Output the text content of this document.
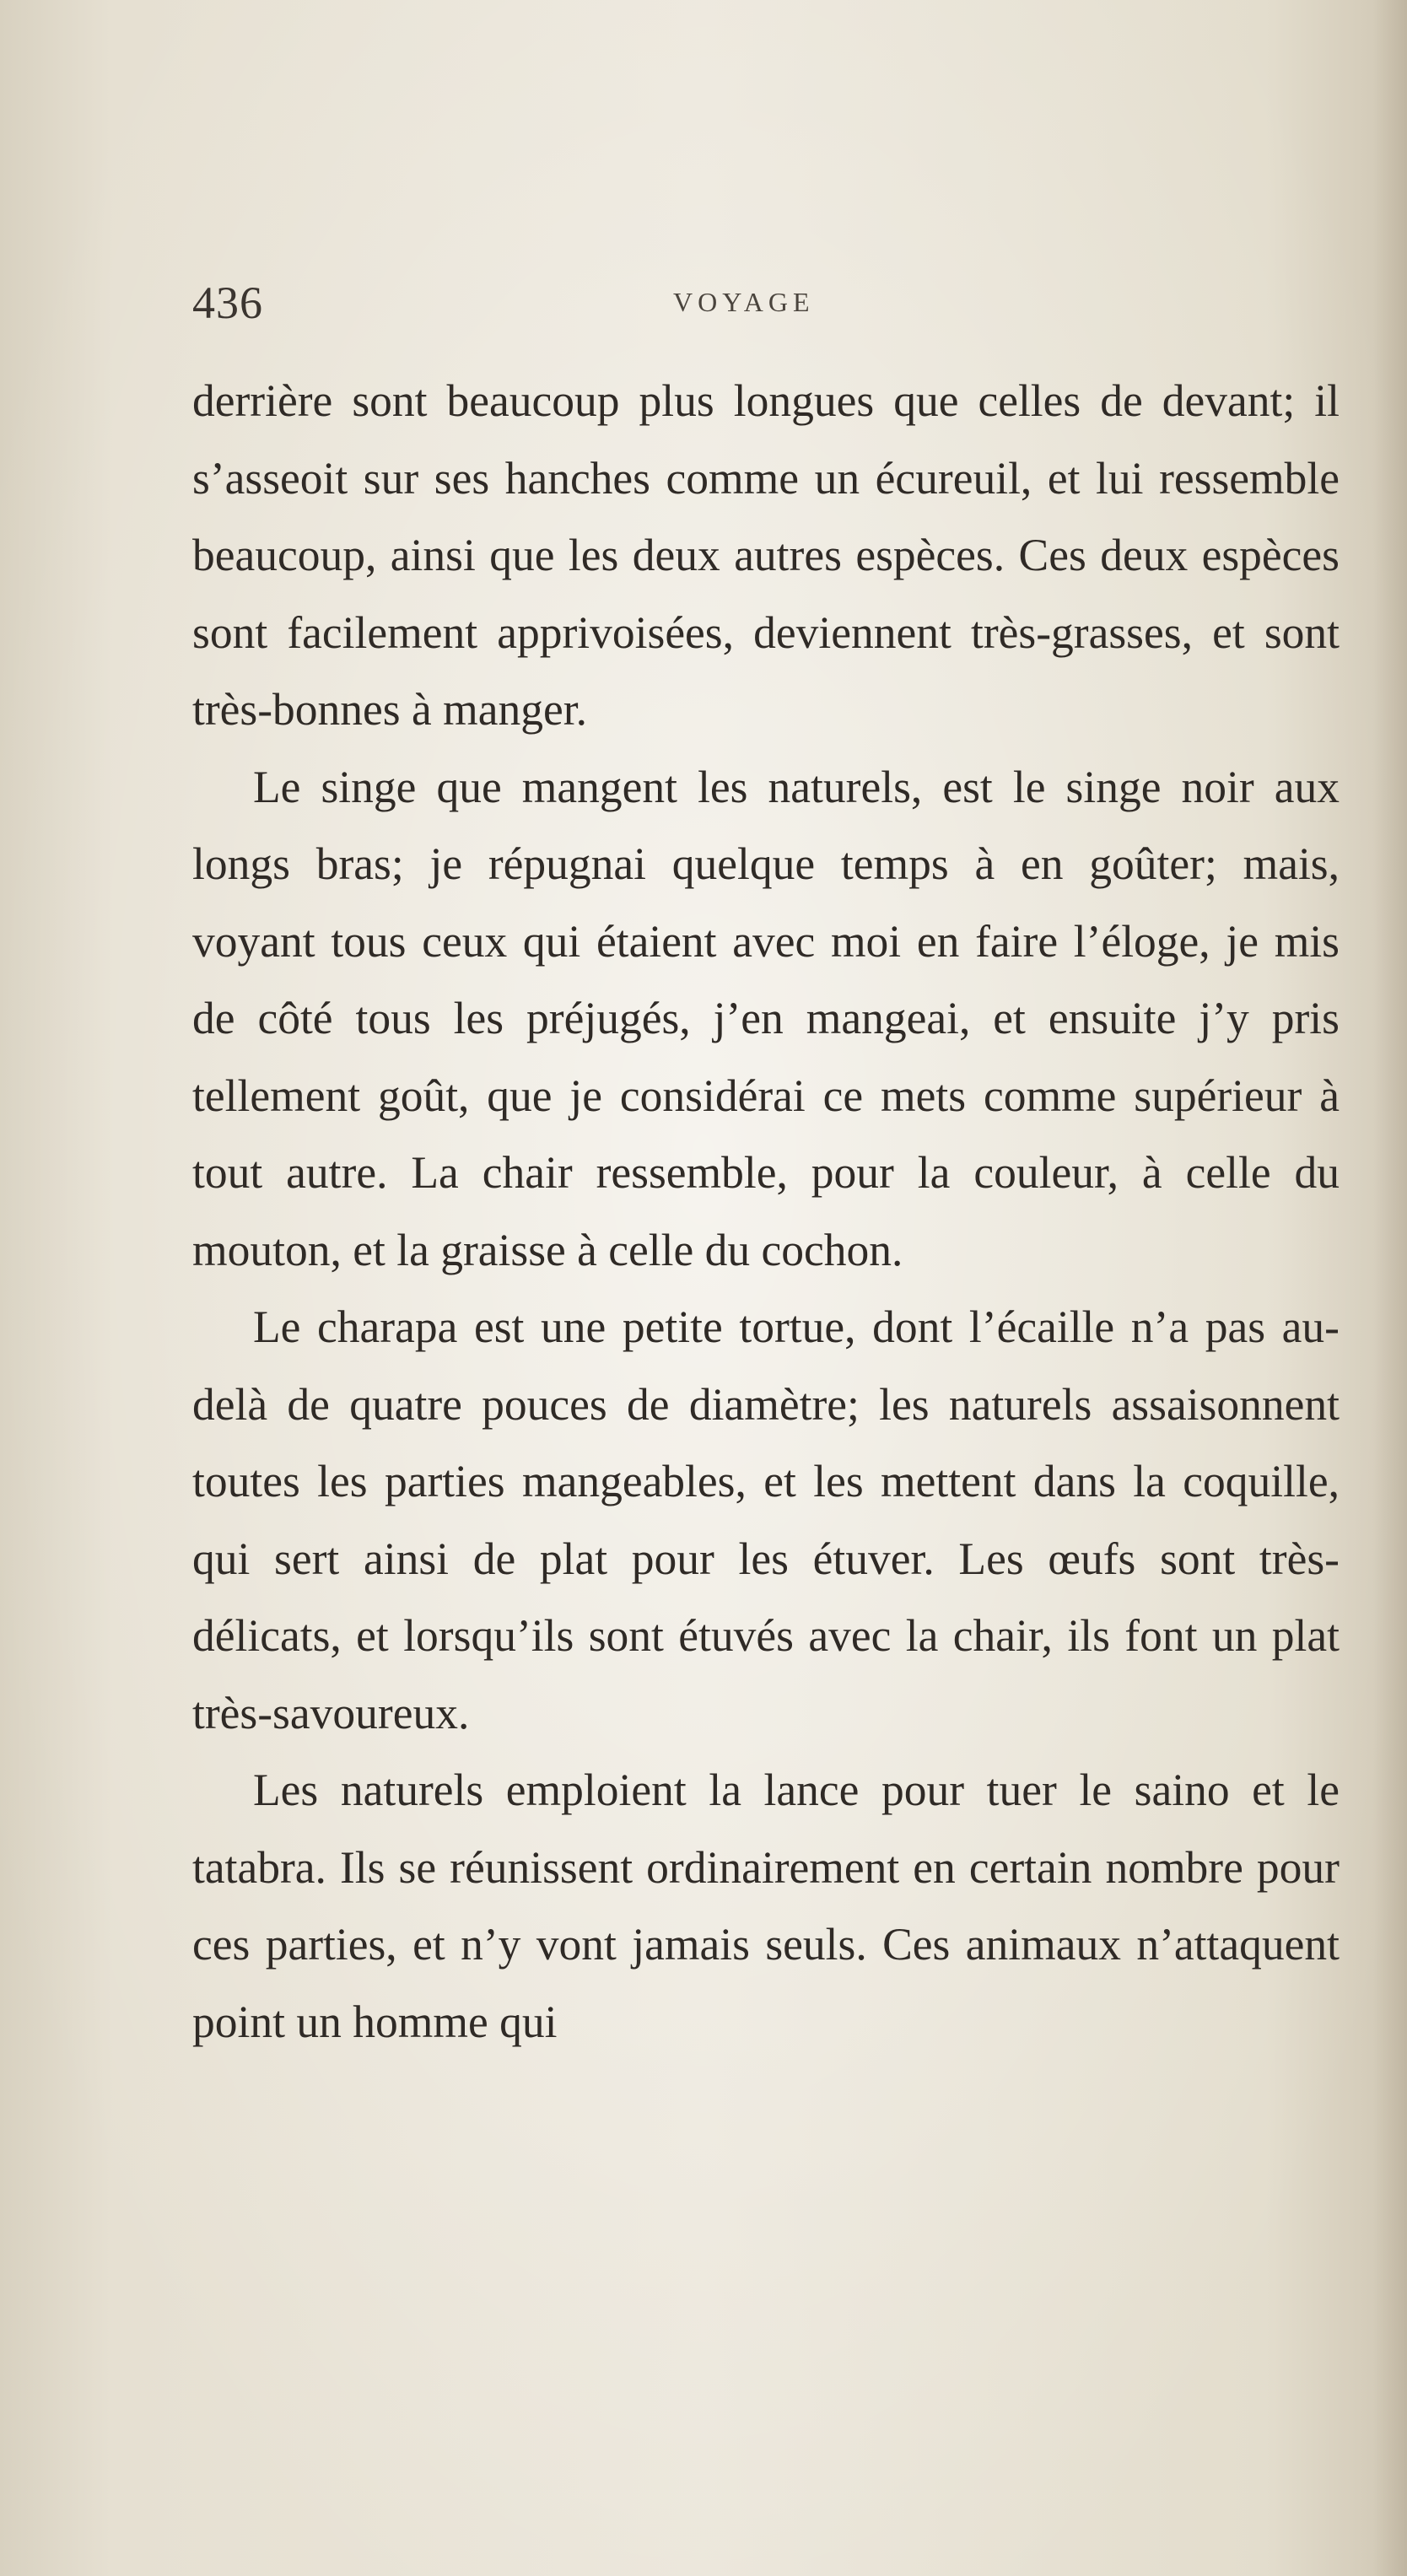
436	VOYAGE

derrière sont beaucoup plus longues que celles de devant; il s’asseoit sur ses hanches comme un écureuil, et lui ressemble beaucoup, ainsi que les deux autres espèces. Ces deux espèces sont facilement apprivoisées, deviennent très-grasses, et sont très-bonnes à manger.

Le singe que mangent les naturels, est le singe noir aux longs bras; je répugnai quelque temps à en goûter; mais, voyant tous ceux qui étaient avec moi en faire l’éloge, je mis de côté tous les préjugés, j’en mangeai, et ensuite j’y pris tellement goût, que je considérai ce mets comme supérieur à tout autre. La chair ressemble, pour la couleur, à celle du mouton, et la graisse à celle du cochon.

Le charapa est une petite tortue, dont l’écaille n’a pas au-delà de quatre pouces de diamètre; les naturels assaisonnent toutes les parties mangeables, et les mettent dans la coquille, qui sert ainsi de plat pour les étuver. Les œufs sont très-délicats, et lorsqu’ils sont étuvés avec la chair, ils font un plat très-savoureux.

Les naturels emploient la lance pour tuer le saino et le tatabra. Ils se réunissent ordinairement en certain nombre pour ces parties, et n’y vont jamais seuls. Ces animaux n’attaquent point un homme qui
